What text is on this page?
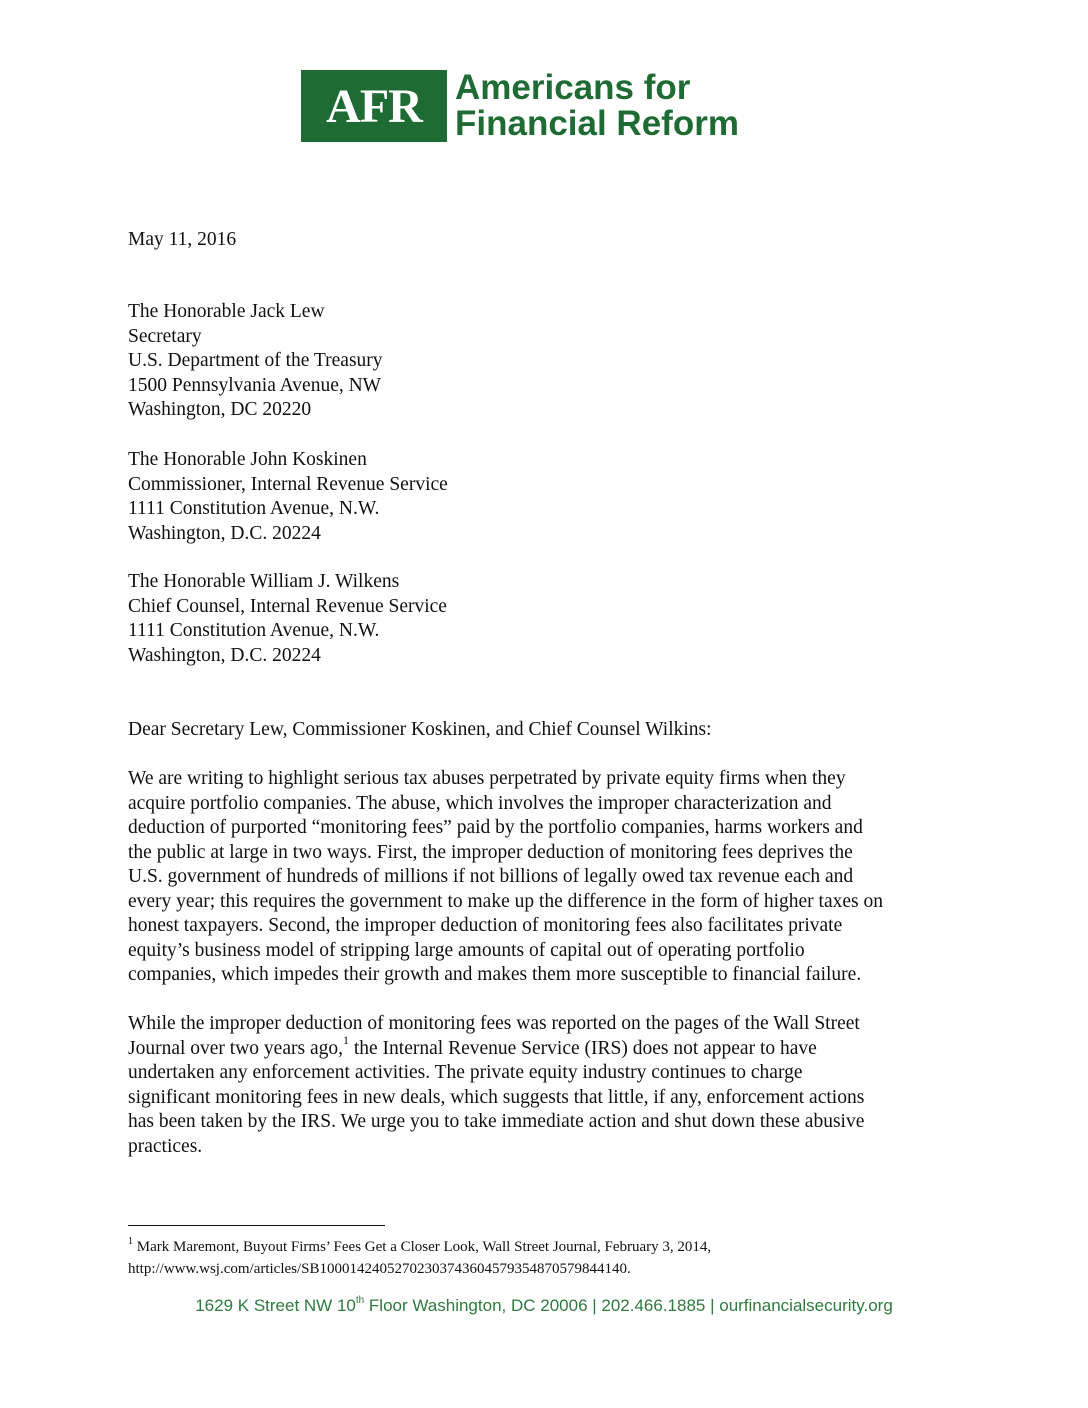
AFR Americans for
Financial Reform
May 11, 2016
The Honorable Jack Lew
Secretary
U.S. Department of the Treasury
1500 Pennsylvania Avenue, NW
Washington, DC 20220
The Honorable John Koskinen
Commissioner, Internal Revenue Service
1111 Constitution Avenue, N.W.
Washington, D.C. 20224
The Honorable William J. Wilkens
Chief Counsel, Internal Revenue Service
1111 Constitution Avenue, N.W.
Washington, D.C. 20224
Dear Secretary Lew, Commissioner Koskinen, and Chief Counsel Wilkins:
We are writing to highlight serious tax abuses perpetrated by private equity firms when they
acquire portfolio companies. The abuse, which involves the improper characterization and
deduction of purported “monitoring fees” paid by the portfolio companies, harms workers and
the public at large in two ways. First, the improper deduction of monitoring fees deprives the
U.S. government of hundreds of millions if not billions of legally owed tax revenue each and
every year; this requires the government to make up the difference in the form of higher taxes on
honest taxpayers. Second, the improper deduction of monitoring fees also facilitates private
equity’s business model of stripping large amounts of capital out of operating portfolio
companies, which impedes their growth and makes them more susceptible to financial failure.
While the improper deduction of monitoring fees was reported on the pages of the Wall Street
Journal over two years ago,$^1$ the Internal Revenue Service (IRS) does not appear to have
undertaken any enforcement activities. The private equity industry continues to charge
significant monitoring fees in new deals, which suggests that little, if any, enforcement actions
has been taken by the IRS. We urge you to take immediate action and shut down these abusive
practices.
$^1$ Mark Maremont, Buyout Firms’ Fees Get a Closer Look, Wall Street Journal, February 3, 2014,
http://www.wsj.com/articles/SB10001424052702303743604579354870579844140.
1629 K Street NW 10th Floor Washington, DC 20006 | 202.466.1885 | ourfinancialsecurity.org
